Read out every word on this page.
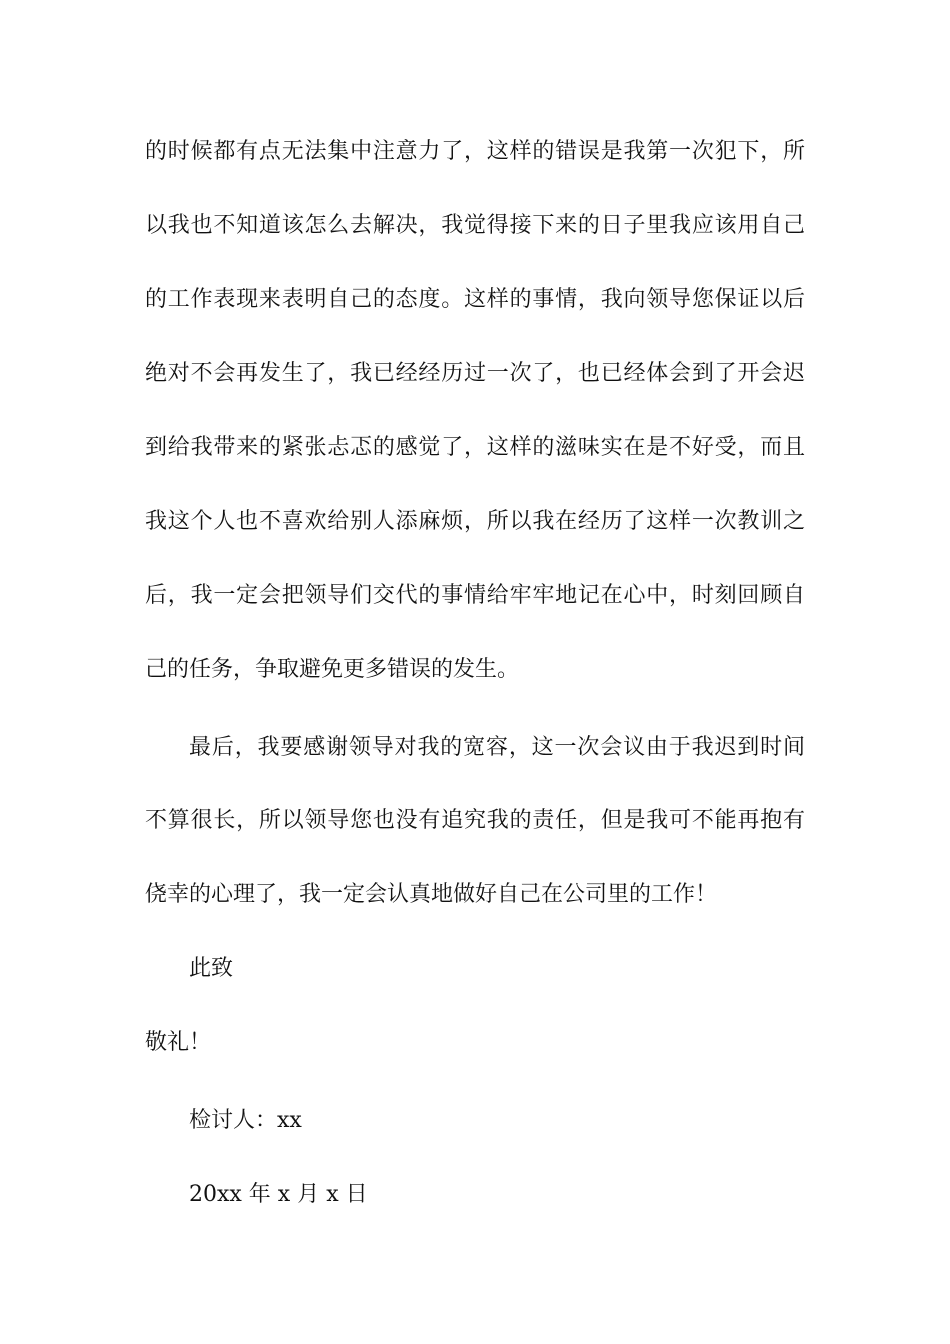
的时候都有点无法集中注意力了，这样的错误是我第一次犯下，所
以我也不知道该怎么去解决，我觉得接下来的日子里我应该用自己
的工作表现来表明自己的态度。这样的事情，我向领导您保证以后
绝对不会再发生了，我已经经历过一次了，也已经体会到了开会迟
到给我带来的紧张忐忑的感觉了，这样的滋味实在是不好受，而且
我这个人也不喜欢给别人添麻烦，所以我在经历了这样一次教训之
后，我一定会把领导们交代的事情给牢牢地记在心中，时刻回顾自
己的任务，争取避免更多错误的发生。
最后，我要感谢领导对我的宽容，这一次会议由于我迟到时间
不算很长，所以领导您也没有追究我的责任，但是我可不能再抱有
侥幸的心理了，我一定会认真地做好自己在公司里的工作！
此致
敬礼！
检讨人：xx
20xx 年 x 月 x 日
